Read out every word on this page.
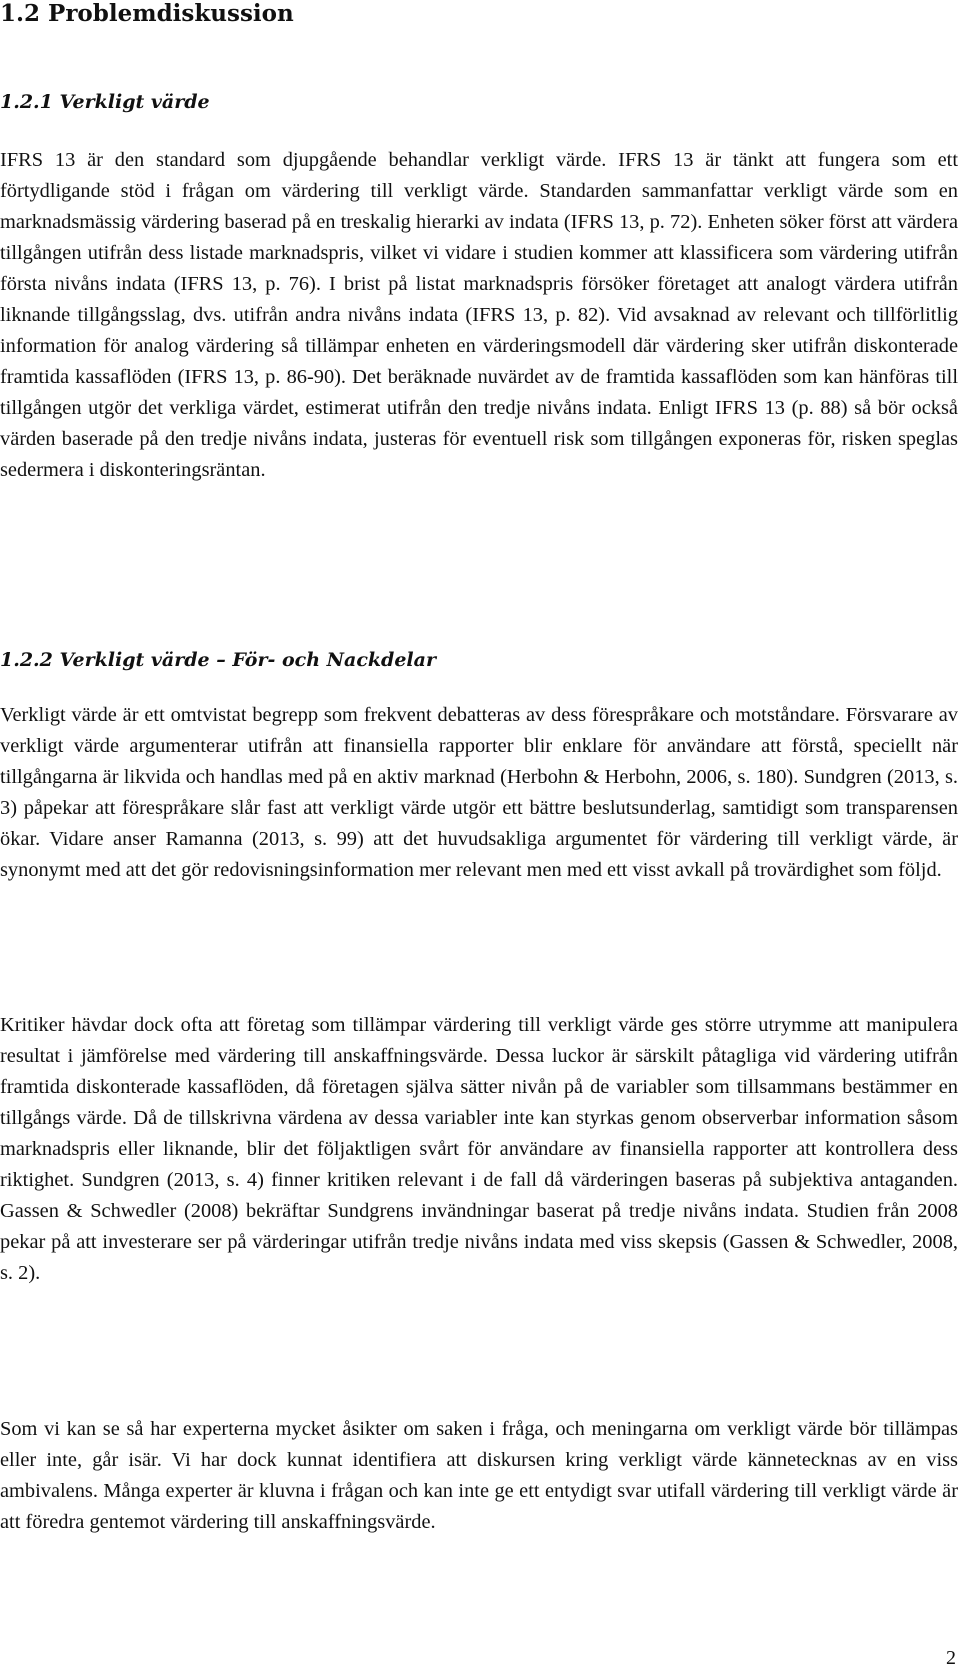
1.2 Problemdiskussion
1.2.1 Verkligt värde

IFRS 13 är den standard som djupgående behandlar verkligt värde. IFRS 13 är tänkt att fungera som ett förtydligande stöd i frågan om värdering till verkligt värde. Standarden sammanfattar verkligt värde som en marknadsmässig värdering baserad på en treskalig hierarki av indata (IFRS 13, p. 72). Enheten söker först att värdera tillgången utifrån dess listade marknadspris, vilket vi vidare i studien kommer att klassificera som värdering utifrån första nivåns indata (IFRS 13, p. 76). I brist på listat marknadspris försöker företaget att analogt värdera utifrån liknande tillgångsslag, dvs. utifrån andra nivåns indata (IFRS 13, p. 82). Vid avsaknad av relevant och tillförlitlig information för analog värdering så tillämpar enheten en värderingsmodell där värdering sker utifrån diskonterade framtida kassaflöden (IFRS 13, p. 86-90). Det beräknade nuvärdet av de framtida kassaflöden som kan hänföras till tillgången utgör det verkliga värdet, estimerat utifrån den tredje nivåns indata. Enligt IFRS 13 (p. 88) så bör också värden baserade på den tredje nivåns indata, justeras för eventuell risk som tillgången exponeras för, risken speglas sedermera i diskonteringsräntan.

1.2.2 Verkligt värde – För- och Nackdelar

Verkligt värde är ett omtvistat begrepp som frekvent debatteras av dess förespråkare och motståndare. Försvarare av verkligt värde argumenterar utifrån att finansiella rapporter blir enklare för användare att förstå, speciellt när tillgångarna är likvida och handlas med på en aktiv marknad (Herbohn & Herbohn, 2006, s. 180). Sundgren (2013, s. 3) påpekar att förespråkare slår fast att verkligt värde utgör ett bättre beslutsunderlag, samtidigt som transparensen ökar. Vidare anser Ramanna (2013, s. 99) att det huvudsakliga argumentet för värdering till verkligt värde, är synonymt med att det gör redovisningsinformation mer relevant men med ett visst avkall på trovärdighet som följd.

Kritiker hävdar dock ofta att företag som tillämpar värdering till verkligt värde ges större utrymme att manipulera resultat i jämförelse med värdering till anskaffningsvärde. Dessa luckor är särskilt påtagliga vid värdering utifrån framtida diskonterade kassaflöden, då företagen själva sätter nivån på de variabler som tillsammans bestämmer en tillgångs värde. Då de tillskrivna värdena av dessa variabler inte kan styrkas genom observerbar information såsom marknadspris eller liknande, blir det följaktligen svårt för användare av finansiella rapporter att kontrollera dess riktighet. Sundgren (2013, s. 4) finner kritiken relevant i de fall då värderingen baseras på subjektiva antaganden. Gassen & Schwedler (2008) bekräftar Sundgrens invändningar baserat på tredje nivåns indata. Studien från 2008 pekar på att investerare ser på värderingar utifrån tredje nivåns indata med viss skepsis (Gassen & Schwedler, 2008, s. 2).

Som vi kan se så har experterna mycket åsikter om saken i fråga, och meningarna om verkligt värde bör tillämpas eller inte, går isär. Vi har dock kunnat identifiera att diskursen kring verkligt värde kännetecknas av en viss ambivalens. Många experter är kluvna i frågan och kan inte ge ett entydigt svar utifall värdering till verkligt värde är att föredra gentemot värdering till anskaffningsvärde.

2
